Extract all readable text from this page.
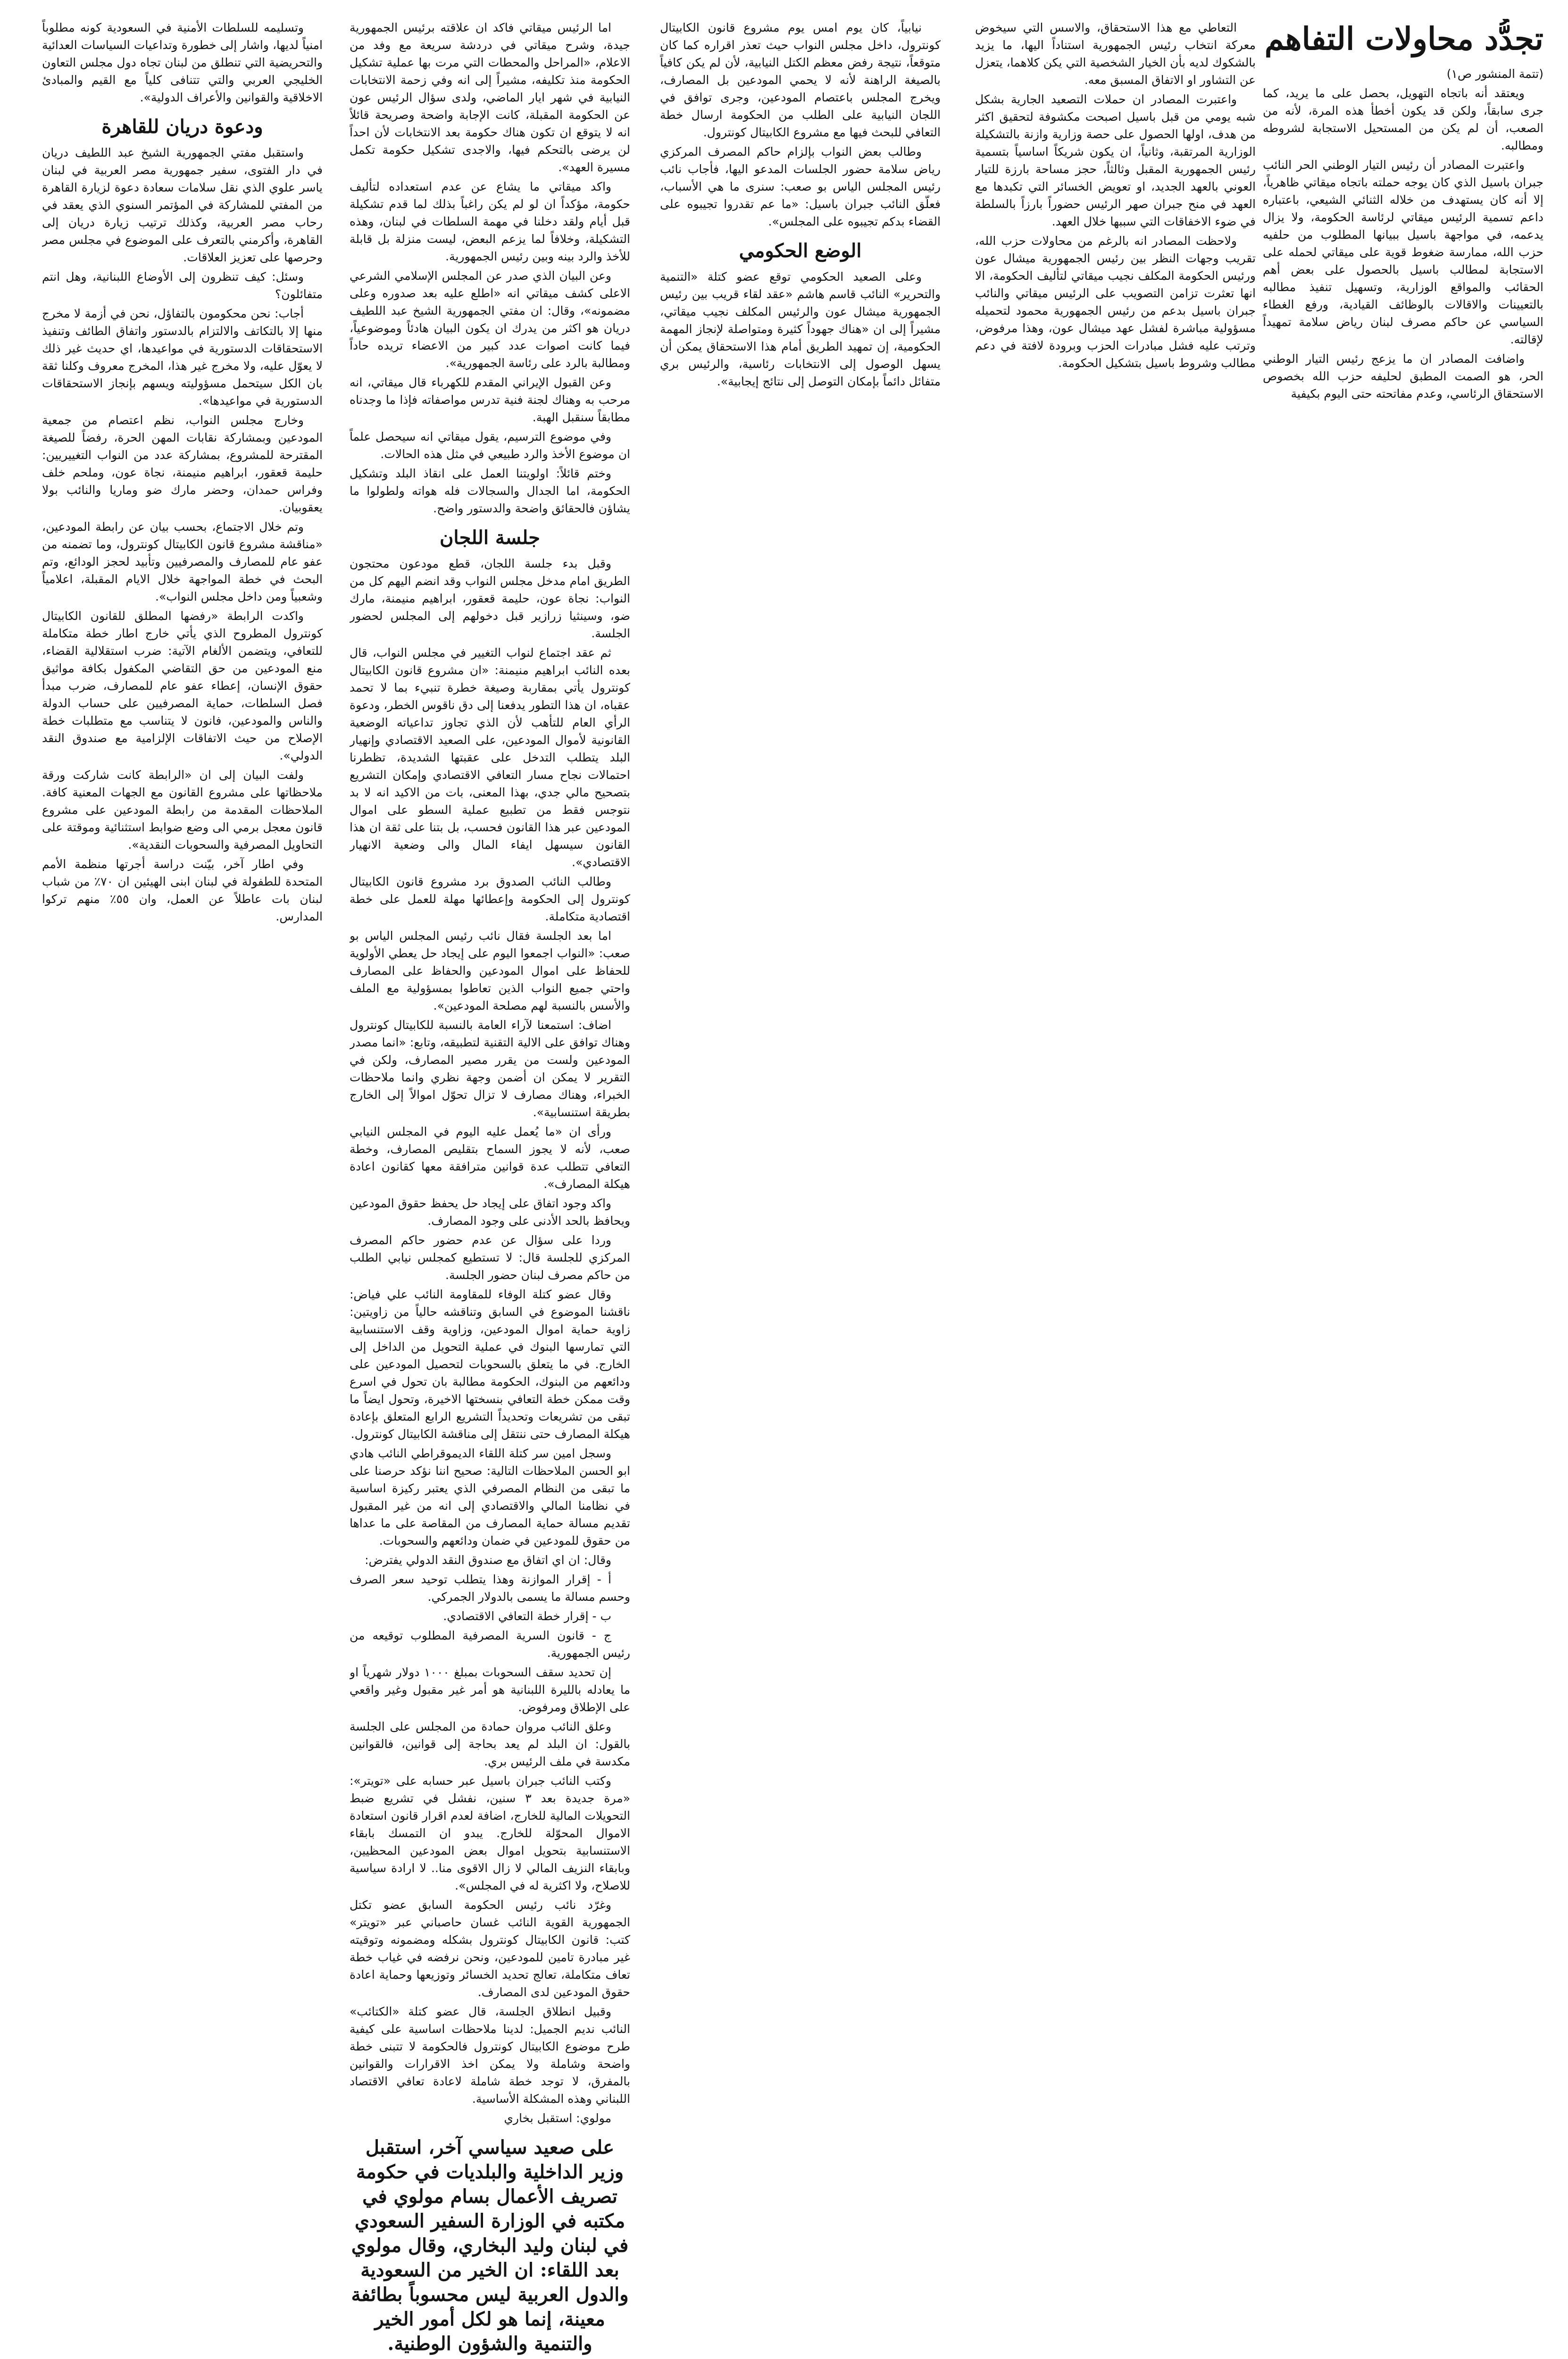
تجدُّد محاولات التفاهم

(تتمة المنشور ص١)

ويعتقد أنه باتجاه التهويل، بحصل على ما يريد، كما جرى سابقاً، ولكن قد يكون أخطأ هذه المرة، لأنه من الصعب، أن لم يكن من المستحيل الاستجابة لشروطه ومطالبه.

واعتبرت المصادر أن رئيس التيار الوطني الحر النائب جبران باسيل الذي كان يوجه حملته باتجاه ميقاتي ظاهرياً، إلا أنه كان يستهدف من خلاله الثنائي الشيعي، باعتباره داعم تسمية الرئيس ميقاتي لرئاسة الحكومة، ولا يزال يدعمه، في مواجهة باسيل ببيانها المطلوب من حلفيه حزب الله، ممارسة ضغوط قوية على ميقاتي لحمله على الاستجابة لمطالب باسيل بالحصول على بعض أهم الحقائب والمواقع الوزارية، وتسهيل تنفيذ مطالبه بالتعيينات والاقالات بالوظائف القيادية، ورفع الغطاء السياسي عن حاكم مصرف لبنان رياض سلامة تمهيداً لإقالته.

واضافت المصادر ان ما يزعج رئيس التيار الوطني الحر، هو الصمت المطبق لحليفه حزب الله بخصوص الاستحقاق الرئاسي، وعدم مفاتحته حتى اليوم بكيفية

التعاطي مع هذا الاستحقاق، والاسس التي سيخوض معركة انتخاب رئيس الجمهورية استناداً اليها، ما يزيد بالشكوك لديه بأن الخيار الشخصية التي يكن كلاهما، يتعزل عن التشاور او الاتفاق المسبق معه.

واعتبرت المصادر ان حملات التصعيد الجارية بشكل شبه يومي من قبل باسيل اصبحت مكشوفة لتحقيق اكثر من هدف، اولها الحصول على حصة وزارية وازنة بالتشكيلة الوزارية المرتقبة، وثانياً، ان يكون شريكاً اساسياً بتسمية رئيس الجمهورية المقبل وثالثاً، حجز مساحة بارزة للتيار العوني بالعهد الجديد، او تعويض الخسائر التي تكبدها مع العهد في منح جبران صهر الرئيس حضوراً بارزاً بالسلطة في ضوء الاخفاقات التي سببها خلال العهد.

ولاحظت المصادر انه بالرغم من محاولات حزب الله، تقريب وجهات النظر بين رئيس الجمهورية ميشال عون ورئيس الحكومة المكلف نجيب ميقاتي لتأليف الحكومة، الا انها تعثرت تزامن التصويب على الرئيس ميقاتي والنائب جبران باسيل بدعم من رئيس الجمهورية محمود لتحميله مسؤولية مباشرة لفشل عهد ميشال عون، وهذا مرفوض، وترتب عليه فشل مبادرات الحزب وبرودة لافتة في دعم مطالب وشروط باسيل بتشكيل الحكومة.

نيابياً، كان يوم امس يوم مشروع قانون الكابيتال كونترول، داخل مجلس النواب حيث تعذر اقراره كما كان متوقعاً، نتيجة رفض معظم الكتل النيابية، لأن لم يكن كافياً بالصيغة الراهنة لأنه لا يحمي المودعين بل المصارف، ويخرج المجلس باعتصام المودعين، وجرى توافق في اللجان النيابية على الطلب من الحكومة ارسال خطة التعافي للبحث فيها مع مشروع الكابيتال كونترول.

وطالب بعض النواب بإلزام حاكم المصرف المركزي رياض سلامة حضور الجلسات المدعو اليها، فأجاب نائب رئيس المجلس الياس بو صعب: سنرى ما هي الأسباب، فعلّق النائب جبران باسيل: «ما عم تقدروا تجيبوه على القضاء بدكم تجيبوه على المجلس».

الوضع الحكومي

وعلى الصعيد الحكومي توقع عضو كتلة «التنمية والتحرير» النائب قاسم هاشم «عقد لقاء قريب بين رئيس الجمهورية ميشال عون والرئيس المكلف نجيب ميقاتي، مشيراً إلى ان «هناك جهوداً كثيرة ومتواصلة لإنجاز المهمة الحكومية، إن تمهيد الطريق أمام هذا الاستحقاق يمكن أن يسهل الوصول إلى الانتخابات رئاسية، والرئيس بري متفائل دائماً بإمكان التوصل إلى نتائج إيجابية».

اما الرئيس ميقاتي فاكد ان علاقته برئيس الجمهورية جيدة، وشرح ميقاتي في دردشة سريعة مع وفد من الاعلام، «المراحل والمحطات التي مرت بها عملية تشكيل الحكومة منذ تكليفه، مشيراً إلى انه وفي زحمة الانتخابات النيابية في شهر ايار الماضي، ولدى سؤال الرئيس عون عن الحكومة المقبلة، كانت الإجابة واضحة وصريحة قائلاً انه لا يتوقع ان تكون هناك حكومة بعد الانتخابات لأن احداً لن يرضى بالتحكم فيها، والاجدى تشكيل حكومة تكمل مسيرة العهد».

واكد ميقاتي ما يشاع عن عدم استعداده لتأليف حكومة، مؤكداً ان لو لم يكن راغباً بذلك لما قدم تشكيلة قبل أيام ولقد دخلنا في مهمة السلطات في لبنان، وهذه التشكيلة، وخلافاً لما يزعم البعض، ليست منزلة بل قابلة للأخذ والرد بينه وبين رئيس الجمهورية.

وعن البيان الذي صدر عن المجلس الإسلامي الشرعي الاعلى كشف ميقاتي انه «اطلع عليه بعد صدوره وعلى مضمونه»، وقال: ان مفتي الجمهورية الشيخ عبد اللطيف دريان هو اكثر من يدرك ان يكون البيان هادئاً وموضوعياً، فيما كانت اصوات عدد كبير من الاعضاء تريده حاداً ومطالبة بالرد على رئاسة الجمهورية».

وعن القبول الإيراني المقدم للكهرباء قال ميقاتي، انه مرحب به وهناك لجنة فنية تدرس مواصفاته فإذا ما وجدناه مطابقاً سنقبل الهبة.

وفي موضوع الترسيم، يقول ميقاتي انه سيحصل علماً ان موضوع الأخذ والرد طبيعي في مثل هذه الحالات.

وختم قائلاً: اولويتنا العمل على انقاذ البلد وتشكيل الحكومة، اما الجدال والسجالات فله هواته ولطولوا ما يشاؤن فالحقائق واضحة والدستور واضح.

جلسة اللجان

وقبل بدء جلسة اللجان، قطع مودعون محتجون الطريق امام مدخل مجلس النواب وقد انضم اليهم كل من النواب: نجاة عون، حليمة قعقور، ابراهيم منيمنة، مارك ضو، وسينثيا زرازير قبل دخولهم إلى المجلس لحضور الجلسة.

ثم عقد اجتماع لنواب التغيير في مجلس النواب، قال بعده النائب ابراهيم منيمنة: «ان مشروع قانون الكابيتال كونترول يأتي بمقاربة وصيغة خطرة تنبيء بما لا تحمد عقباه، ان هذا التطور يدفعنا إلى دق ناقوس الخطر، ودعوة الرأي العام للتأهب لأن الذي تجاوز تداعياته الوضعية القانونية لأموال المودعين، على الصعيد الاقتصادي وإنهيار البلد يتطلب التدخل على عقبتها الشديدة، تظطرنا احتمالات نجاح مسار التعافي الاقتصادي وإمكان التشريع بتصحيح مالي جدي، بهذا المعنى، بات من الاكيد انه لا بد نتوجس فقط من تطبيع عملية السطو على اموال المودعين عبر هذا القانون فحسب، بل بتنا على ثقة ان هذا القانون سيسهل ايفاء المال والى وضعية الانهيار الاقتصادي».

وطالب النائب الصدوق برد مشروع قانون الكابيتال كونترول إلى الحكومة وإعطائها مهلة للعمل على خطة اقتصادية متكاملة.

اما بعد الجلسة فقال نائب رئيس المجلس الياس بو صعب: «النواب اجمعوا اليوم على إيجاد حل يعطي الأولوية للحفاظ على اموال المودعين والحفاظ على المصارف واحتي جميع النواب الذين تعاطوا بمسؤولية مع الملف والأسس بالنسبة لهم مصلحة المودعين».

اضاف: استمعنا لآراء العامة بالنسبة للكابيتال كونترول وهناك توافق على الالية التقنية لتطبيقه، وتابع: «انما مصدر المودعين ولست من يقرر مصير المصارف، ولكن في التقرير لا يمكن ان أضمن وجهة نظري وانما ملاحظات الخبراء، وهناك مصارف لا تزال تحوّل اموالاً إلى الخارج بطريقة استنسابية».

ورأى ان «ما يُعمل عليه اليوم في المجلس النيابي صعب، لأنه لا يجوز السماح بتقليص المصارف، وخطة التعافي تتطلب عدة قوانين مترافقة معها كقانون اعادة هيكلة المصارف».

واكد وجود اتفاق على إيجاد حل يحفظ حقوق المودعين ويحافظ بالحد الأدنى على وجود المصارف.

وردا على سؤال عن عدم حضور حاكم المصرف المركزي للجلسة قال: لا تستطيع كمجلس نيابي الطلب من حاكم مصرف لبنان حضور الجلسة.

وقال عضو كتلة الوفاء للمقاومة النائب علي فياض: ناقشنا الموضوع في السابق وتناقشه حالياً من زاويتين: زاوية حماية اموال المودعين، وزاوية وقف الاستنسابية التي تمارسها البنوك في عملية التحويل من الداخل إلى الخارج. في ما يتعلق بالسحوبات لتحصيل المودعين على ودائعهم من البنوك، الحكومة مطالبة بان تحول في اسرع وقت ممكن خطة التعافي بنسختها الاخيرة، وتحول ايضاً ما تبقى من تشريعات وتحديداً التشريع الرابع المتعلق بإعادة هيكلة المصارف حتى ننتقل إلى مناقشة الكابيتال كونترول.

وسجل امين سر كتلة اللقاء الديموقراطي النائب هادي ابو الحسن الملاحظات التالية: صحيح اننا نؤكد حرصنا على ما تبقى من النظام المصرفي الذي يعتبر ركيزة اساسية في نظامنا المالي والاقتصادي إلى انه من غير المقبول تقديم مسالة حماية المصارف من المقاصة على ما عداها من حقوق للمودعين في ضمان ودائعهم والسحوبات.

وقال: ان اي اتفاق مع صندوق النقد الدولي يفترض:

أ - إقرار الموازنة وهذا يتطلب توحيد سعر الصرف وحسم مسالة ما يسمى بالدولار الجمركي.

ب - إقرار خطة التعافي الاقتصادي.

ج - قانون السرية المصرفية المطلوب توقيعه من رئيس الجمهورية.

إن تحديد سقف السحوبات بمبلغ ١٠٠٠ دولار شهرياً او ما يعادله بالليرة اللبنانية هو أمر غير مقبول وغير واقعي على الإطلاق ومرفوض.

وعلق النائب مروان حمادة من المجلس على الجلسة بالقول: ان البلد لم يعد بحاجة إلى قوانين، فالقوانين مكدسة في ملف الرئيس بري.

وكتب النائب جبران باسيل عبر حسابه على «تويتر»: «مرة جديدة بعد ٣ سنين، نفشل في تشريع ضبط التحويلات المالية للخارج، اضافة لعدم اقرار قانون استعادة الاموال المحوّلة للخارج. يبدو ان التمسك بابقاء الاستنسابية بتحويل اموال بعض المودعين المحظيين، وبابقاء النزيف المالي لا زال الاقوى منا.. لا ارادة سياسية للاصلاح، ولا اكثرية له في المجلس».

وغرّد نائب رئيس الحكومة السابق عضو تكتل الجمهورية القوية النائب غسان حاصباني عبر «تويتر» كتب: قانون الكابيتال كونترول بشكله ومضمونه وتوقيته غير مبادرة تامين للمودعين، ونحن نرفضه في غياب خطة تعاف متكاملة، تعالج تحديد الخسائر وتوزيعها وحماية اعادة حقوق المودعين لدى المصارف.

وقبيل انطلاق الجلسة، قال عضو كتلة «الكتائب» النائب نديم الجميل: لدينا ملاحظات اساسية على كيفية طرح موضوع الكابيتال كونترول فالحكومة لا تتبنى خطة واضحة وشاملة ولا يمكن اخذ الاقرارات والقوانين بالمفرق، لا توجد خطة شاملة لاعادة تعافي الاقتصاد اللبناني وهذه المشكلة الأساسية.

مولوي: استقبل بخاري

على صعيد سياسي آخر، استقبل وزير الداخلية والبلديات في حكومة تصريف الأعمال بسام مولوي في مكتبه في الوزارة السفير السعودي في لبنان وليد البخاري، وقال مولوي بعد اللقاء: ان الخير من السعودية والدول العربية ليس محسوباً بطائفة معينة، إنما هو لكل أمور الخير والتنمية والشؤون الوطنية.

وتسليمه للسلطات الأمنية في السعودية كونه مطلوباً امنياً لديها، واشار إلى خطورة وتداعيات السياسات العدائية والتحريضية التي تنطلق من لبنان تجاه دول مجلس التعاون الخليجي العربي والتي تتنافى كلياً مع القيم والمبادئ الاخلاقية والقوانين والأعراف الدولية».

ودعوة دريان للقاهرة

واستقبل مفتي الجمهورية الشيخ عبد اللطيف دريان في دار الفتوى، سفير جمهورية مصر العربية في لبنان ياسر علوي الذي نقل سلامات سعادة دعوة لزيارة القاهرة من المفتي للمشاركة في المؤتمر السنوي الذي يعقد في رحاب مصر العربية، وكذلك ترتيب زيارة دريان إلى القاهرة، وأكرمني بالتعرف على الموضوع في مجلس مصر وحرصها على تعزيز العلاقات.

وسئل: كيف تنظرون إلى الأوضاع اللبنانية، وهل انتم متفائلون؟

أجاب: نحن محكومون بالتفاؤل، نحن في أزمة لا مخرج منها إلا بالتكاتف والالتزام بالدستور واتفاق الطائف وتنفيذ الاستحقاقات الدستورية في مواعيدها، اي حديث غير ذلك لا يعوّل عليه، ولا مخرج غير هذا، المخرج معروف وكلنا ثقة بان الكل سيتحمل مسؤوليته ويسهم بإنجاز الاستحقاقات الدستورية في مواعيدها».

وخارج مجلس النواب، نظم اعتصام من جمعية المودعين وبمشاركة نقابات المهن الحرة، رفضاً للصيغة المقترحة للمشروع، بمشاركة عدد من النواب التغييريين: حليمة قعقور، ابراهيم منيمنة، نجاة عون، وملحم خلف وفراس حمدان، وحضر مارك ضو وماريا والنائب بولا يعقوبيان.

وتم خلال الاجتماع، بحسب بيان عن رابطة المودعين، «مناقشة مشروع قانون الكابيتال كونترول، وما تضمنه من عفو عام للمصارف والمصرفيين وتأبيد لحجز الودائع، وتم البحث في خطة المواجهة خلال الايام المقبلة، اعلامياً وشعبياً ومن داخل مجلس النواب».

واكدت الرابطة «رفضها المطلق للقانون الكابيتال كونترول المطروح الذي يأتي خارج اطار خطة متكاملة للتعافي، ويتضمن الألغام الآتية: ضرب استقلالية القضاء، منع المودعين من حق التقاضي المكفول بكافة مواثيق حقوق الإنسان، إعطاء عفو عام للمصارف، ضرب مبدأ فصل السلطات، حماية المصرفيين على حساب الدولة والناس والمودعين، فانون لا يتناسب مع متطلبات خطة الإصلاح من حيث الاتفاقات الإلزامية مع صندوق النقد الدولي».

ولفت البيان إلى ان «الرابطة كانت شاركت ورقة ملاحظاتها على مشروع القانون مع الجهات المعنية كافة. الملاحظات المقدمة من رابطة المودعين على مشروع قانون معجل برمي الى وضع ضوابط استثنائية وموقتة على التحاويل المصرفية والسحوبات النقدية».

وفي اطار آخر، بيّنت دراسة أجرتها منظمة الأمم المتحدة للطفولة في لبنان ابنى الهيئين ان ٧٠٪ من شباب لبنان بات عاطلاً عن العمل، وان ٥٥٪ منهم تركوا المدارس.
